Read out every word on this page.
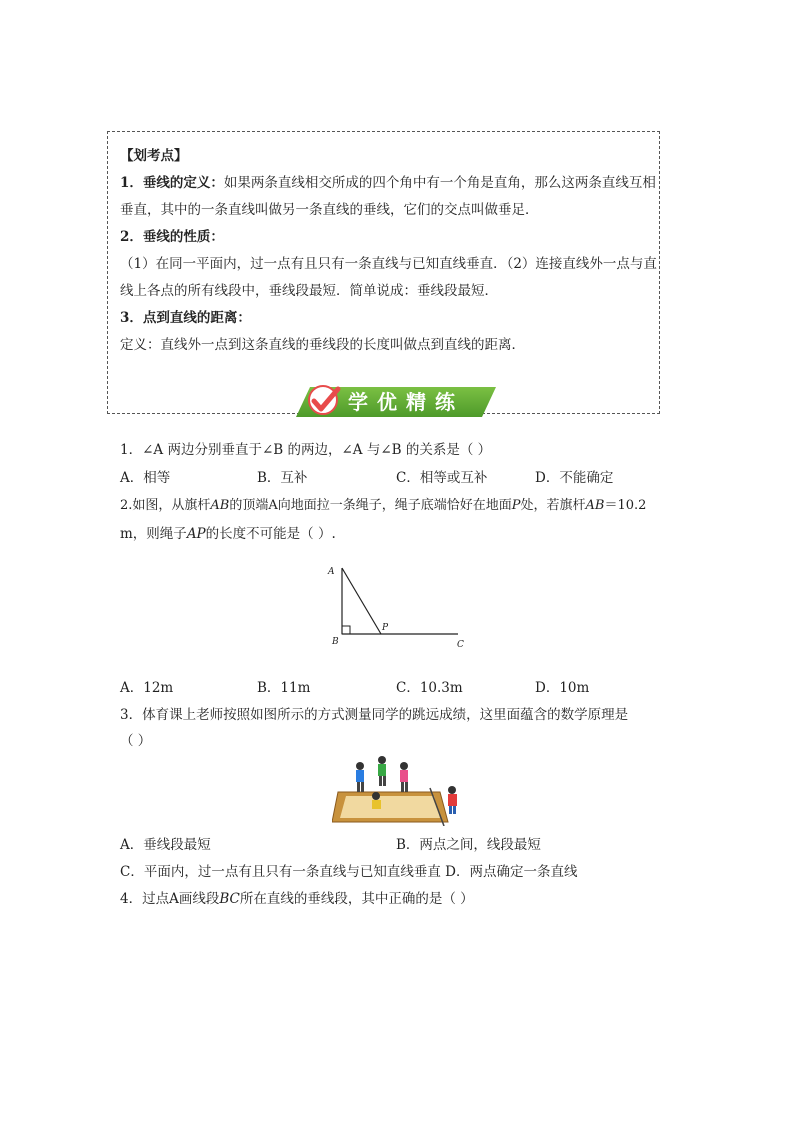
【划考点】
1．垂线的定义：如果两条直线相交所成的四个角中有一个角是直角，那么这两条直线互相
垂直，其中的一条直线叫做另一条直线的垂线，它们的交点叫做垂足．
2．垂线的性质：
（1）在同一平面内，过一点有且只有一条直线与已知直线垂直．（2）连接直线外一点与直
线上各点的所有线段中，垂线段最短．简单说成：垂线段最短．
3．点到直线的距离：
定义：直线外一点到这条直线的垂线段的长度叫做点到直线的距离．
学优精练
1．∠A 两边分别垂直于∠B 的两边，∠A 与∠B 的关系是（ ）
A．相等	B．互补	C．相等或互补	D．不能确定
2.如图，从旗杆AB的顶端A向地面拉一条绳子，绳子底端恰好在地面P处，若旗杆AB＝10.2
m，则绳子AP的长度不可能是（ ）.
A
B
P
C
A．12m	B．11m	C．10.3m	D．10m
3．体育课上老师按照如图所示的方式测量同学的跳远成绩，这里面蕴含的数学原理是
（ ）
A．垂线段最短	B．两点之间，线段最短
C．平面内，过一点有且只有一条直线与已知直线垂直 D．两点确定一条直线
4．过点A画线段BC所在直线的垂线段，其中正确的是（ ）
